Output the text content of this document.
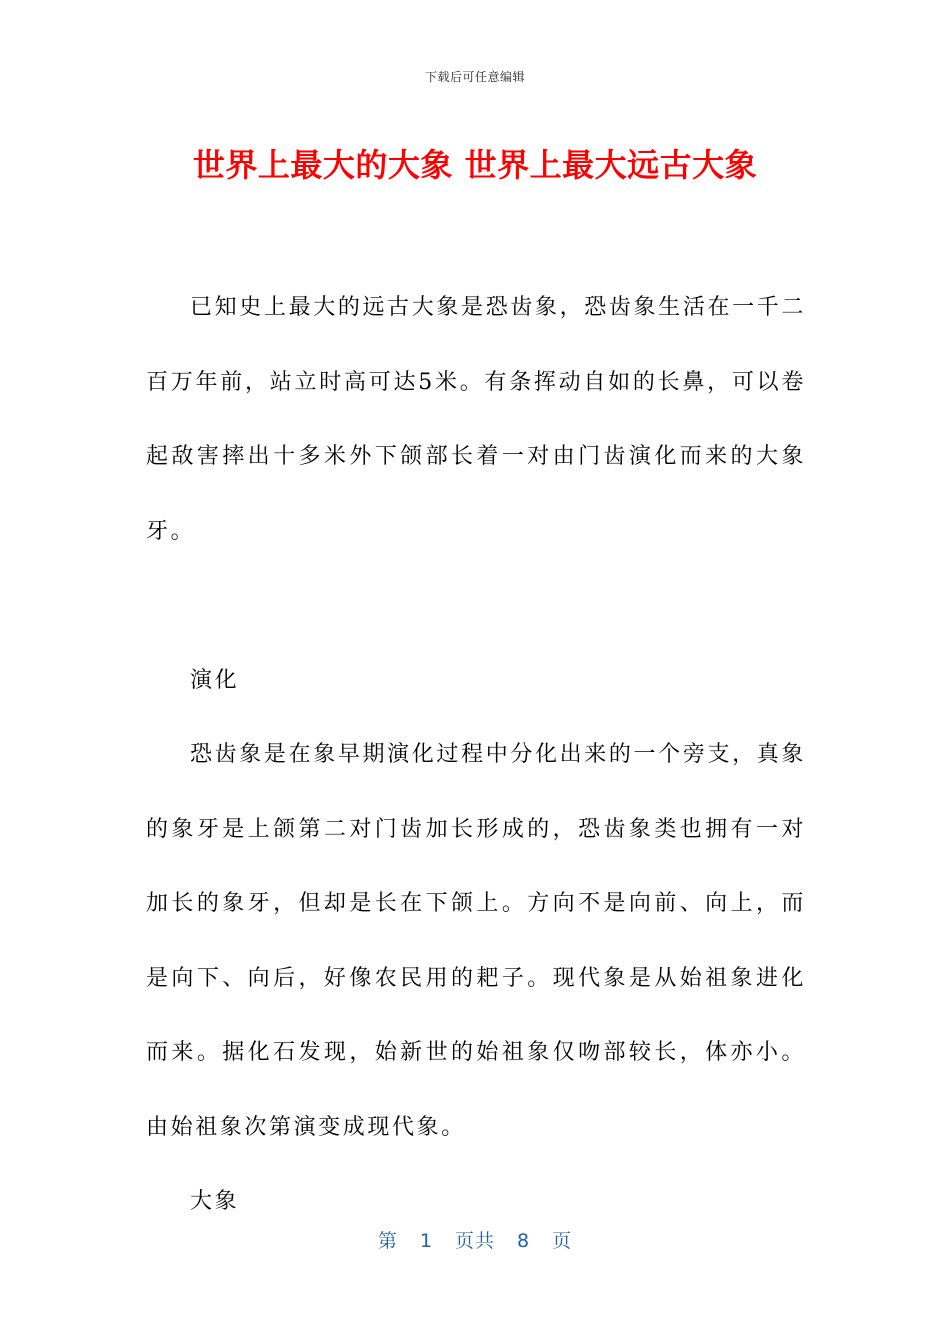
下载后可任意编辑
世界上最大的大象 世界上最大远古大象

已知史上最大的远古大象是恐齿象，恐齿象生活在一千二百万年前，站立时高可达5米。有条挥动自如的长鼻，可以卷起敌害摔出十多米外下颌部长着一对由门齿演化而来的大象牙。

演化

恐齿象是在象早期演化过程中分化出来的一个旁支，真象的象牙是上颌第二对门齿加长形成的，恐齿象类也拥有一对加长的象牙，但却是长在下颌上。方向不是向前、向上，而是向下、向后，好像农民用的耙子。现代象是从始祖象进化而来。据化石发现，始新世的始祖象仅吻部较长，体亦小。由始祖象次第演变成现代象。

大象

第 1 页共 8 页
